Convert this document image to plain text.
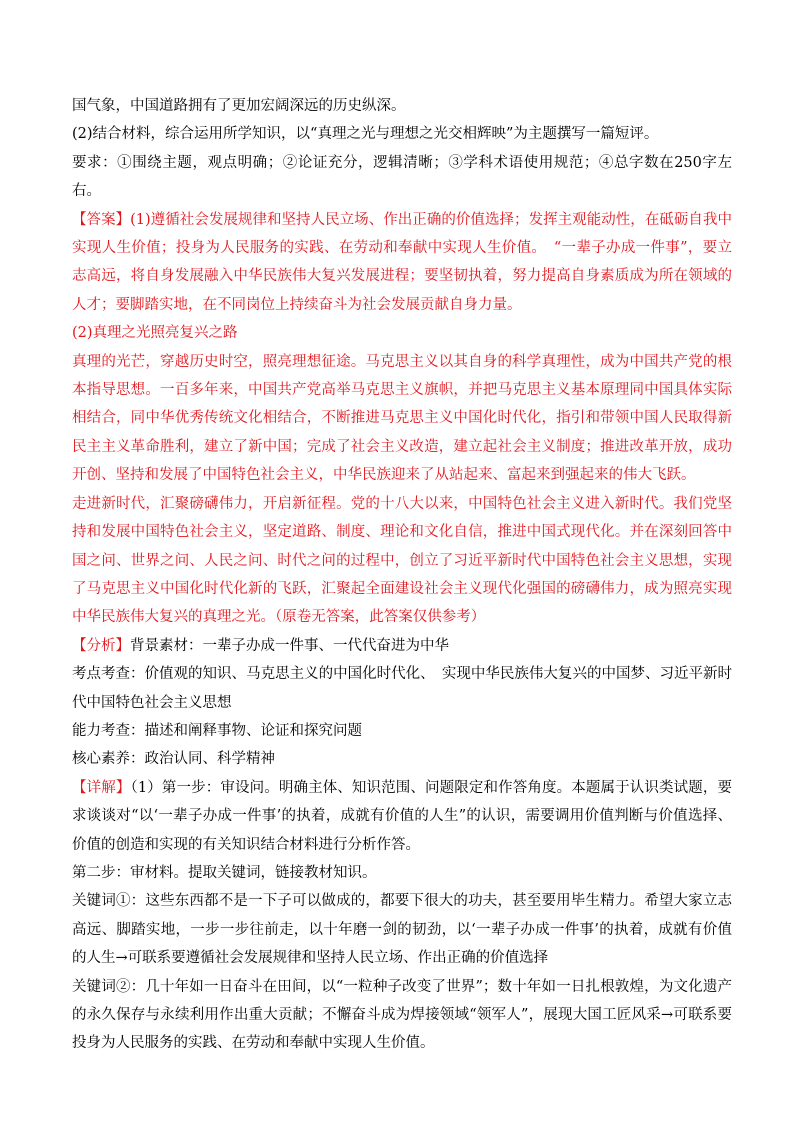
国气象，中国道路拥有了更加宏阔深远的历史纵深。

(2)结合材料，综合运用所学知识，以“真理之光与理想之光交相辉映”为主题撰写一篇短评。

要求：①围绕主题，观点明确；②论证充分，逻辑清晰；③学科术语使用规范；④总字数在250字左右。

【答案】(1)遵循社会发展规律和坚持人民立场、作出正确的价值选择；发挥主观能动性，在砥砺自我中实现人生价值；投身为人民服务的实践、在劳动和奉献中实现人生价值。　“一辈子办成一件事”，要立志高远，将自身发展融入中华民族伟大复兴发展进程；要坚韧执着，努力提高自身素质成为所在领域的人才；要脚踏实地，在不同岗位上持续奋斗为社会发展贡献自身力量。

(2)真理之光照亮复兴之路

真理的光芒，穿越历史时空，照亮理想征途。马克思主义以其自身的科学真理性，成为中国共产党的根本指导思想。一百多年来，中国共产党高举马克思主义旗帜，并把马克思主义基本原理同中国具体实际相结合，同中华优秀传统文化相结合，不断推进马克思主义中国化时代化，指引和带领中国人民取得新民主主义革命胜利，建立了新中国；完成了社会主义改造，建立起社会主义制度；推进改革开放，成功开创、坚持和发展了中国特色社会主义，中华民族迎来了从站起来、富起来到强起来的伟大飞跃。

走进新时代，汇聚磅礴伟力，开启新征程。党的十八大以来，中国特色社会主义进入新时代。我们党坚持和发展中国特色社会主义，坚定道路、制度、理论和文化自信，推进中国式现代化。并在深刻回答中国之问、世界之问、人民之问、时代之问的过程中，创立了习近平新时代中国特色社会主义思想，实现了马克思主义中国化时代化新的飞跃，汇聚起全面建设社会主义现代化强国的磅礴伟力，成为照亮实现中华民族伟大复兴的真理之光。（原卷无答案，此答案仅供参考）

【分析】背景素材：一辈子办成一件事、一代代奋进为中华

考点考查：价值观的知识、马克思主义的中国化时代化、　实现中华民族伟大复兴的中国梦、习近平新时代中国特色社会主义思想

能力考查：描述和阐释事物、论证和探究问题

核心素养：政治认同、科学精神

【详解】（1）第一步：审设问。明确主体、知识范围、问题限定和作答角度。本题属于认识类试题，要求谈谈对“以‘一辈子办成一件事’的执着，成就有价值的人生”的认识，需要调用价值判断与价值选择、价值的创造和实现的有关知识结合材料进行分析作答。

第二步：审材料。提取关键词，链接教材知识。

关键词①：这些东西都不是一下子可以做成的，都要下很大的功夫，甚至要用毕生精力。希望大家立志高远、脚踏实地，一步一步往前走，以十年磨一剑的韧劲，以‘一辈子办成一件事’的执着，成就有价值的人生→可联系要遵循社会发展规律和坚持人民立场、作出正确的价值选择

关键词②：几十年如一日奋斗在田间，以“一粒种子改变了世界”；数十年如一日扎根敦煌，为文化遗产的永久保存与永续利用作出重大贡献；不懈奋斗成为焊接领域“领军人”，展现大国工匠风采→可联系要投身为人民服务的实践、在劳动和奉献中实现人生价值。
